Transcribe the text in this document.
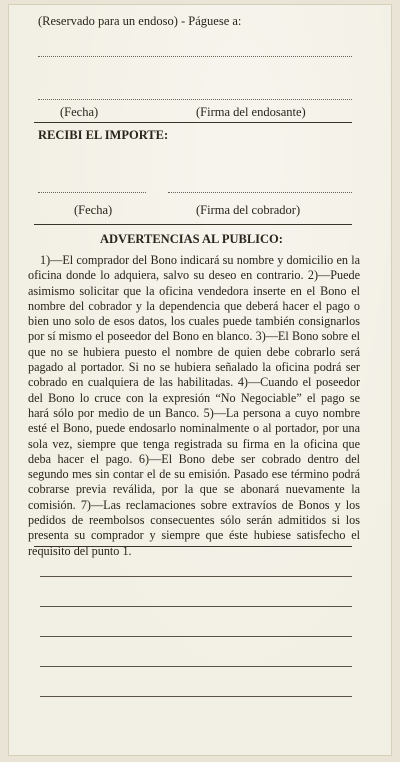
(Reservado para un endoso) - Páguese a:
(Fecha)	(Firma del endosante)
RECIBI EL IMPORTE:
(Fecha)	(Firma del cobrador)
ADVERTENCIAS AL PUBLICO:
1)—El comprador del Bono indicará su nombre y domicilio en la oficina donde lo adquiera, salvo su deseo en contrario. 2)—Puede asimismo solicitar que la oficina vendedora inserte en el Bono el nombre del cobrador y la dependencia que deberá hacer el pago o bien uno solo de esos datos, los cuales puede también consignarlos por sí mismo el poseedor del Bono en blanco. 3)—El Bono sobre el que no se hubiera puesto el nombre de quien debe cobrarlo será pagado al portador. Si no se hubiera señalado la oficina podrá ser cobrado en cualquiera de las habilitadas. 4)—Cuando el poseedor del Bono lo cruce con la expresión “No Negociable” el pago se hará sólo por medio de un Banco. 5)—La persona a cuyo nombre esté el Bono, puede endosarlo nominalmente o al portador, por una sola vez, siempre que tenga registrada su firma en la oficina que deba hacer el pago. 6)—El Bono debe ser cobrado dentro del segundo mes sin contar el de su emisión. Pasado ese término podrá cobrarse previa reválida, por la que se abonará nuevamente la comisión. 7)—Las reclamaciones sobre extravíos de Bonos y los pedidos de reembolsos consecuentes sólo serán admitidos si los presenta su comprador y siempre que éste hubiese satisfecho el requisito del punto 1.
